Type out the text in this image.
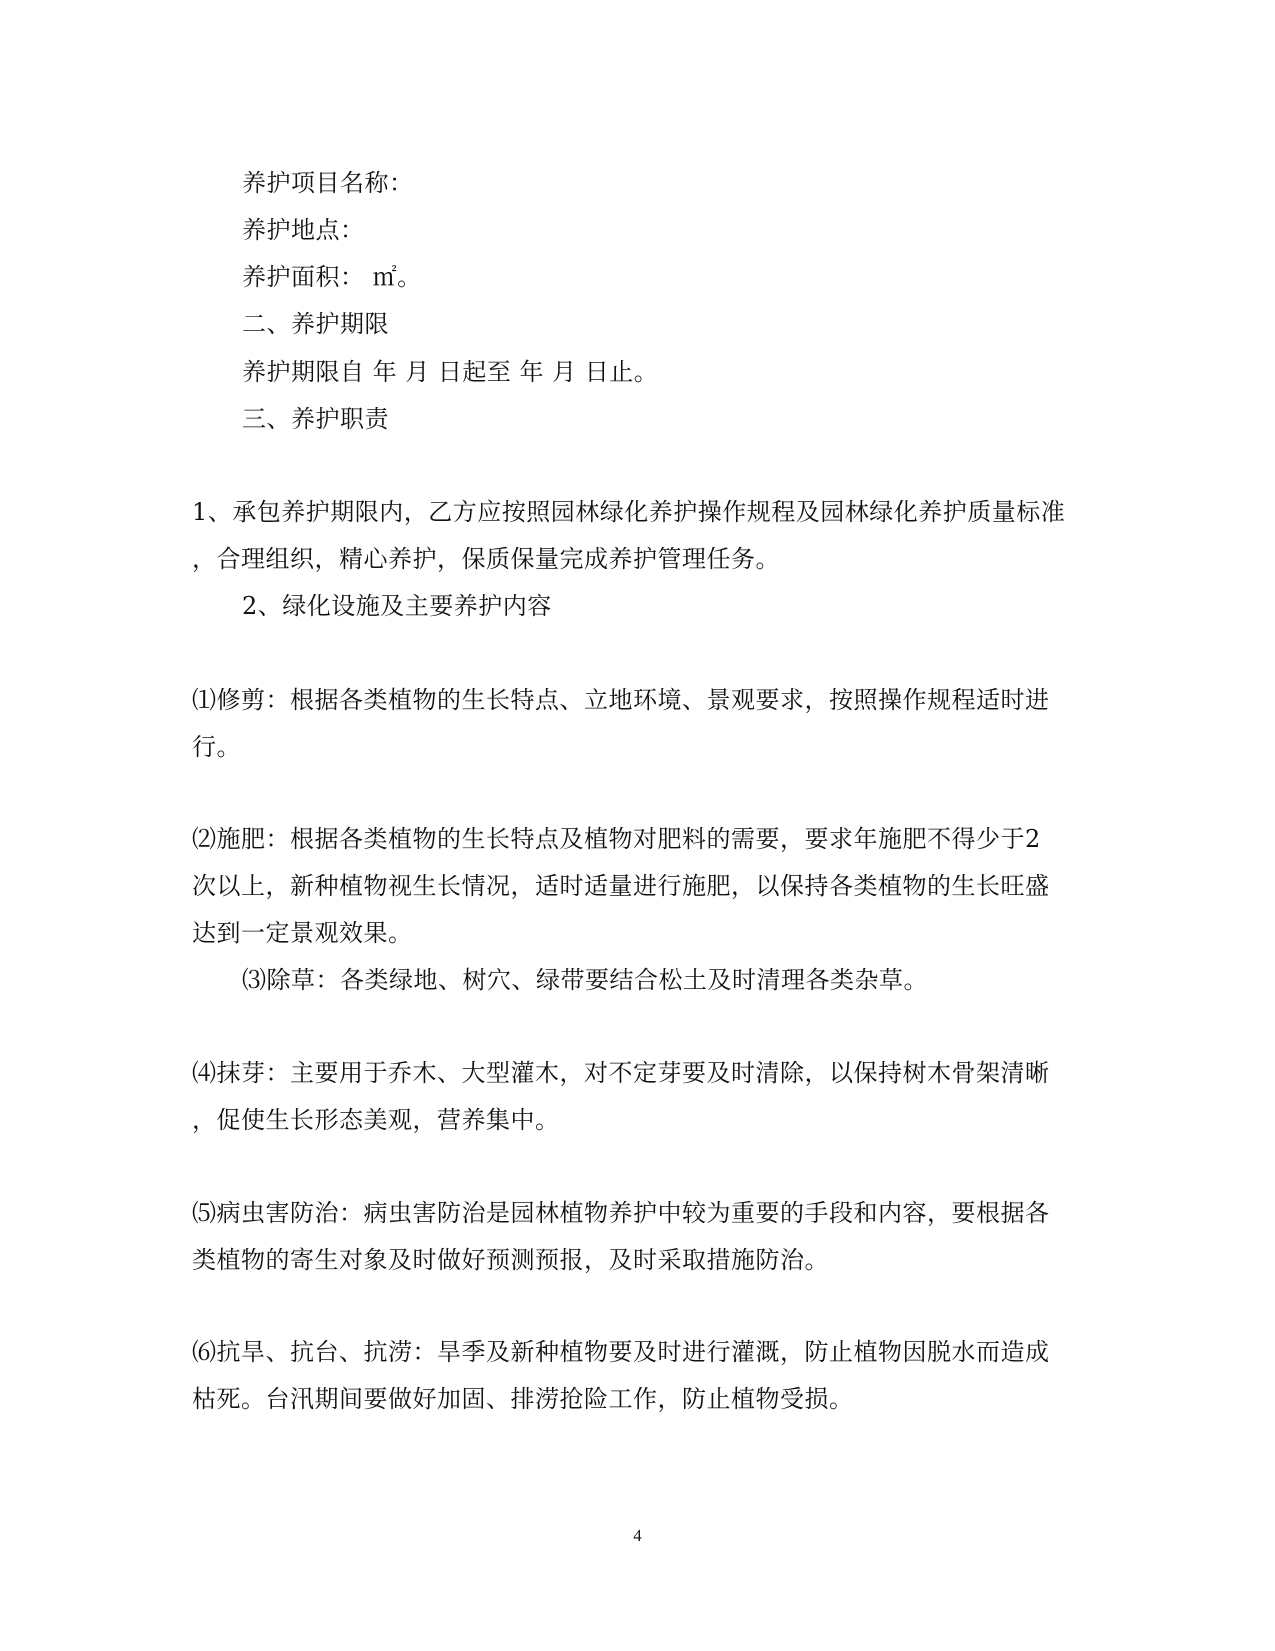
养护项目名称：
养护地点：
养护面积： ㎡。
二、养护期限
养护期限自 年 月 日起至 年 月 日止。
三、养护职责
1、承包养护期限内，乙方应按照园林绿化养护操作规程及园林绿化养护质量标准
，合理组织，精心养护，保质保量完成养护管理任务。
2、绿化设施及主要养护内容
⑴修剪：根据各类植物的生长特点、立地环境、景观要求，按照操作规程适时进
行。
⑵施肥：根据各类植物的生长特点及植物对肥料的需要，要求年施肥不得少于2
次以上，新种植物视生长情况，适时适量进行施肥，以保持各类植物的生长旺盛
达到一定景观效果。
⑶除草：各类绿地、树穴、绿带要结合松土及时清理各类杂草。
⑷抹芽：主要用于乔木、大型灌木，对不定芽要及时清除，以保持树木骨架清晰
，促使生长形态美观，营养集中。
⑸病虫害防治：病虫害防治是园林植物养护中较为重要的手段和内容，要根据各
类植物的寄生对象及时做好预测预报，及时采取措施防治。
⑹抗旱、抗台、抗涝：旱季及新种植物要及时进行灌溉，防止植物因脱水而造成
枯死。台汛期间要做好加固、排涝抢险工作，防止植物受损。
4
